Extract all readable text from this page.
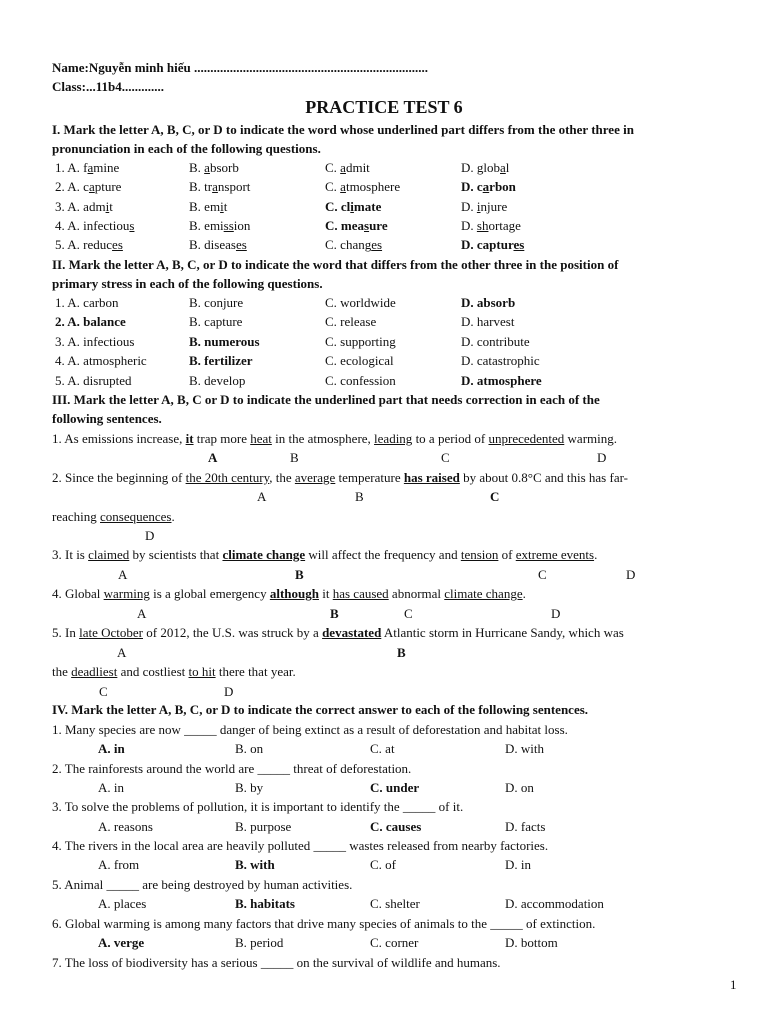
Name:Nguyễn minh hiếu ........................................................................
Class:...11b4.............
PRACTICE TEST 6
I. Mark the letter A, B, C, or D to indicate the word whose underlined part differs from the other three in
pronunciation in each of the following questions.
1. A. famine	B. absorb	C. admit	D. global
2. A. capture	B. transport	C. atmosphere	D. carbon
3. A. admit	B. emit	C. climate	D. injure
4. A. infectious	B. emission	C. measure	D. shortage
5. A. reduces	B. diseases	C. changes	D. captures
II. Mark the letter A, B, C, or D to indicate the word that differs from the other three in the position of
primary stress in each of the following questions.
1. A. carbon	B. conjure	C. worldwide	D. absorb
2. A. balance	B. capture	C. release	D. harvest
3. A. infectious	B. numerous	C. supporting	D. contribute
4. A. atmospheric	B. fertilizer	C. ecological	D. catastrophic
5. A. disrupted	B. develop	C. confession	D. atmosphere
III. Mark the letter A, B, C or D to indicate the underlined part that needs correction in each of the
following sentences.
1. As emissions increase, it trap more heat in the atmosphere, leading to a period of unprecedented warming.
A	B	C	D
2. Since the beginning of the 20th century, the average temperature has raised by about 0.8°C and this has far-
A	B	C
reaching consequences.
D
3. It is claimed by scientists that climate change will affect the frequency and tension of extreme events.
A	B	C	D
4. Global warming is a global emergency although it has caused abnormal climate change.
A	B	C	D
5. In late October of 2012, the U.S. was struck by a devastated Atlantic storm in Hurricane Sandy, which was
A	B
the deadliest and costliest to hit there that year.
C	D
IV. Mark the letter A, B, C, or D to indicate the correct answer to each of the following sentences.
1. Many species are now _____ danger of being extinct as a result of deforestation and habitat loss.
A. in	B. on	C. at	D. with
2. The rainforests around the world are _____ threat of deforestation.
A. in	B. by	C. under	D. on
3. To solve the problems of pollution, it is important to identify the _____ of it.
A. reasons	B. purpose	C. causes	D. facts
4. The rivers in the local area are heavily polluted _____ wastes released from nearby factories.
A. from	B. with	C. of	D. in
5. Animal _____ are being destroyed by human activities.
A. places	B. habitats	C. shelter	D. accommodation
6. Global warming is among many factors that drive many species of animals to the _____ of extinction.
A. verge	B. period	C. corner	D. bottom
7. The loss of biodiversity has a serious _____ on the survival of wildlife and humans.
1
